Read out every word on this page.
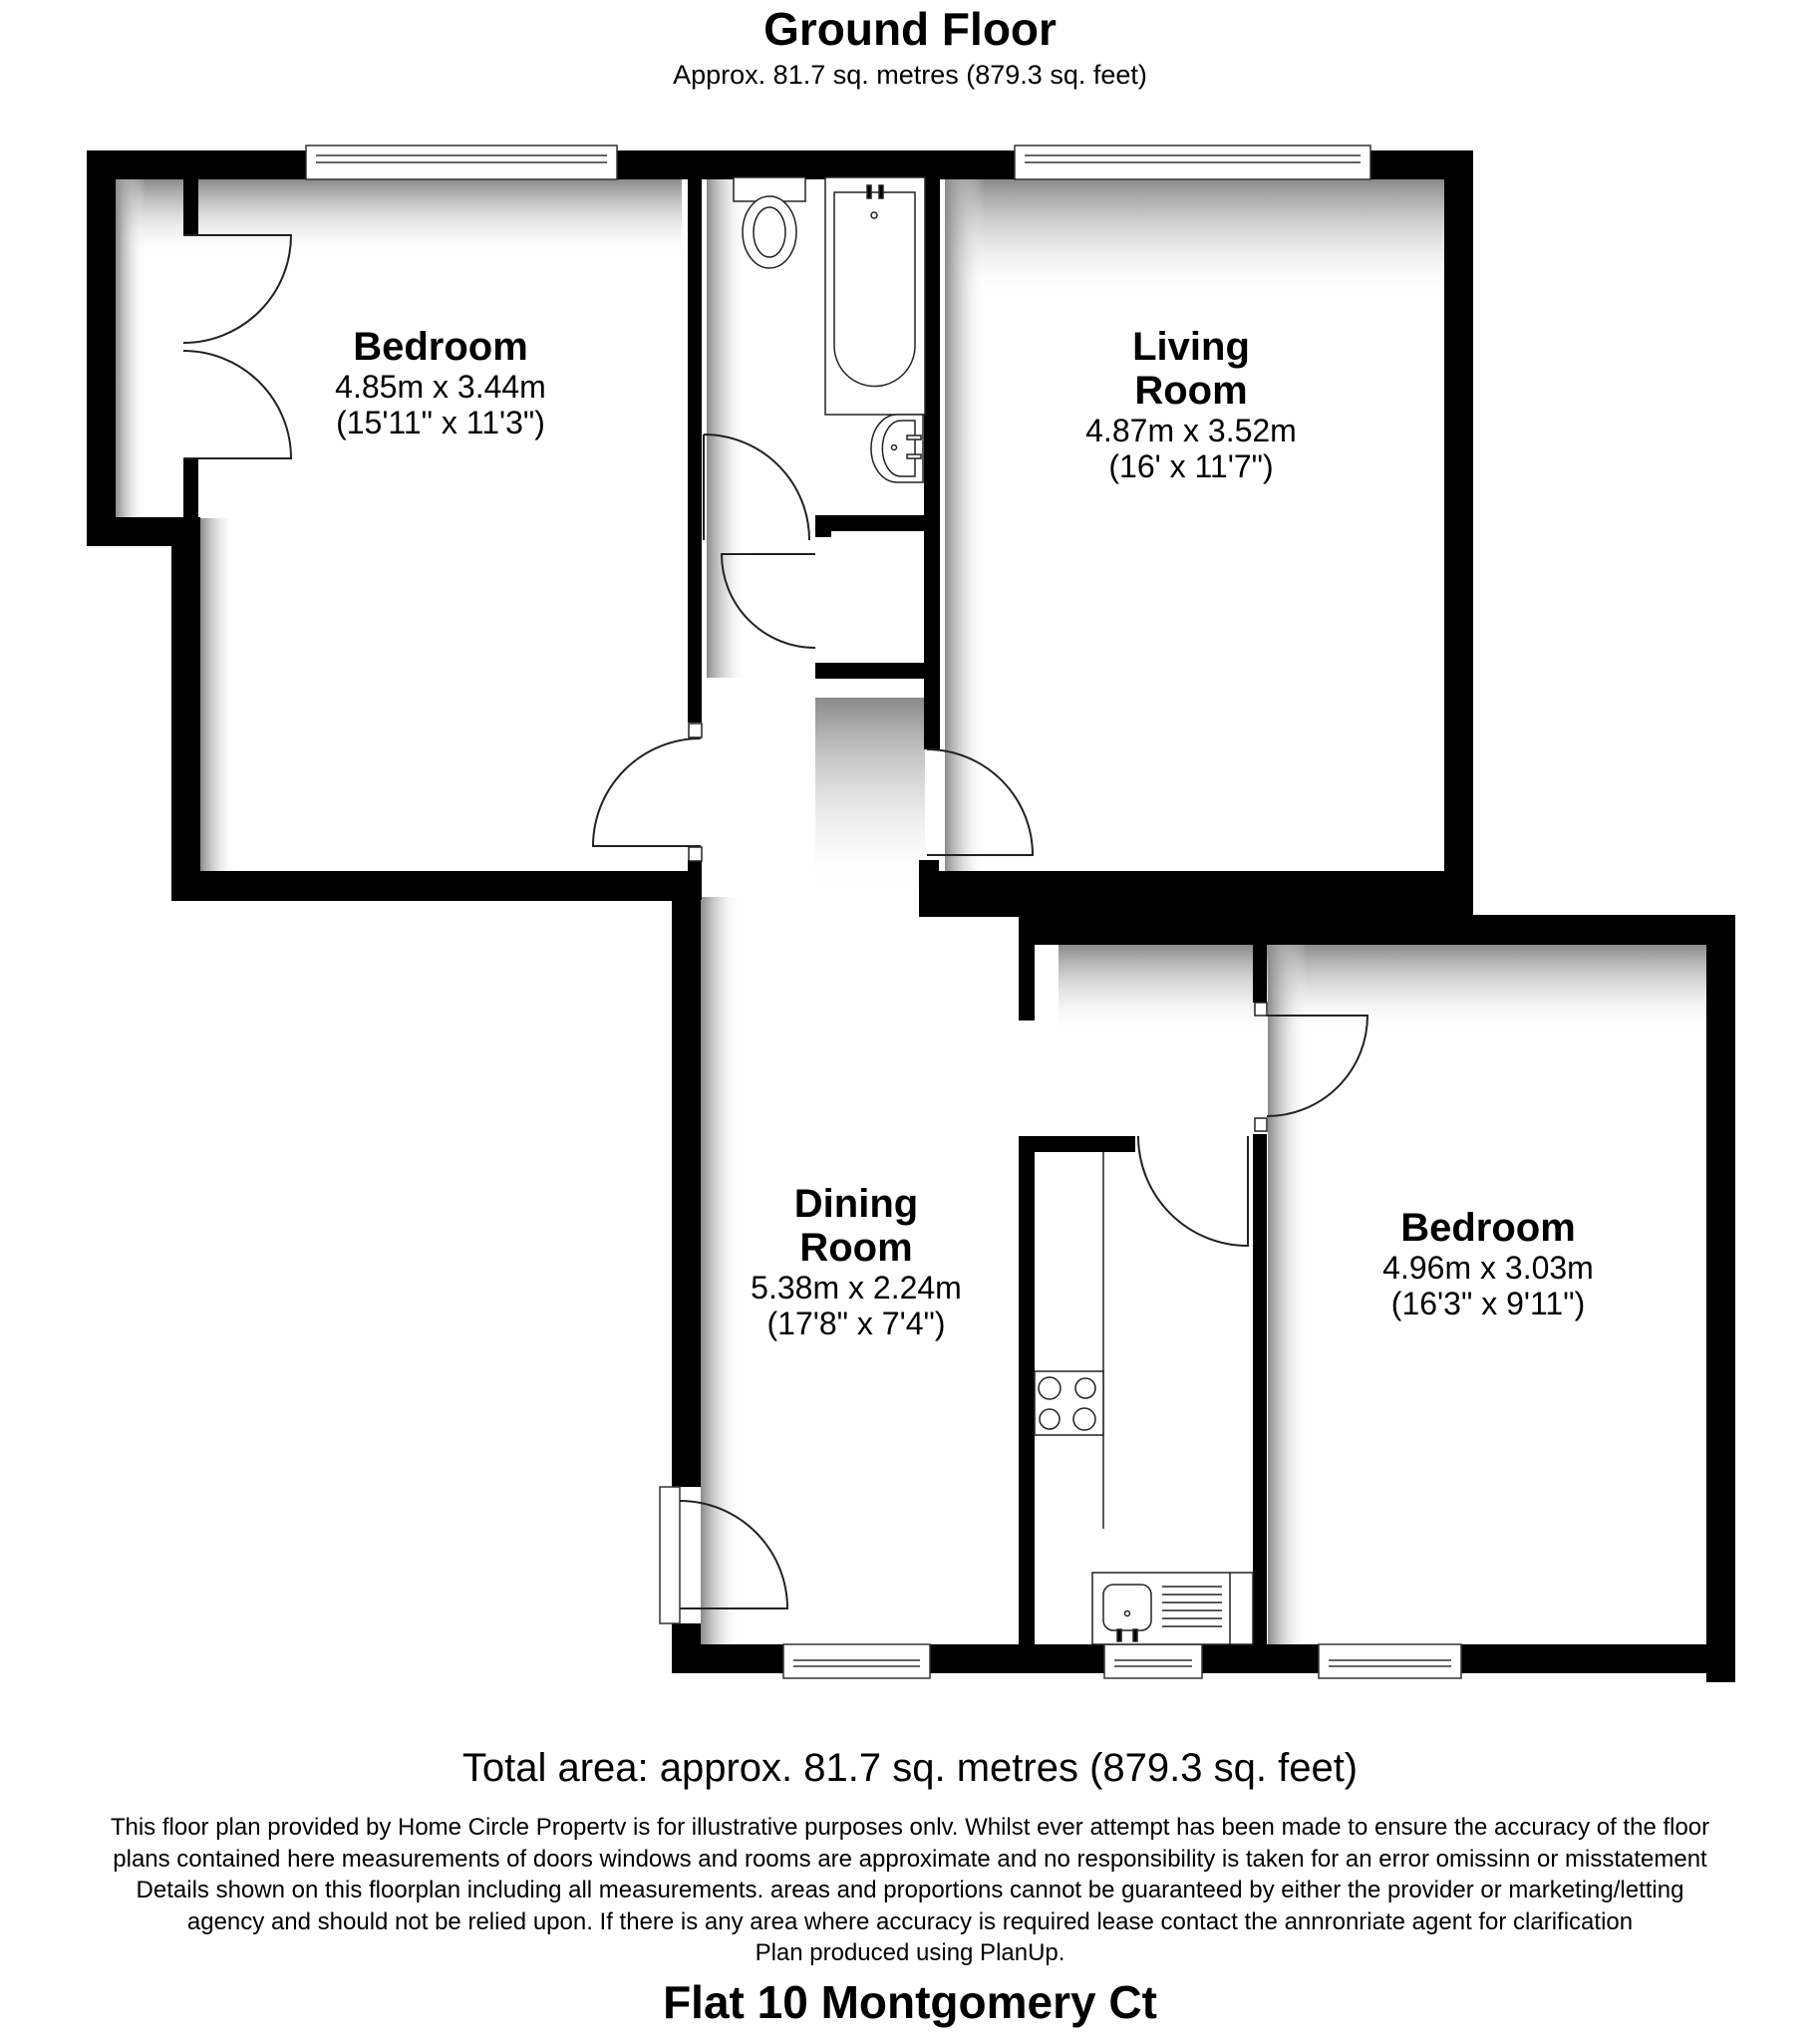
Ground Floor
Approx. 81.7 sq. metres (879.3 sq. feet)
Bedroom
4.85m x 3.44m
(15'11" x 11'3")
Living
Room
4.87m x 3.52m
(16' x 11'7")
Dining
Room
5.38m x 2.24m
(17'8" x 7'4")
Bedroom
4.96m x 3.03m
(16'3" x 9'11")
Total area: approx. 81.7 sq. metres (879.3 sq. feet)
This floor plan provided by Home Circle Propertv is for illustrative purposes onlv. Whilst ever attempt has been made to ensure the accuracy of the floor
plans contained here measurements of doors windows and rooms are approximate and no responsibility is taken for an error omissinn or misstatement
Details shown on this floorplan including all measurements. areas and proportions cannot be guaranteed by either the provider or marketing/letting
agency and should not be relied upon. If there is any area where accuracy is required lease contact the annronriate agent for clarification
Plan produced using PlanUp.
Flat 10 Montgomery Ct
